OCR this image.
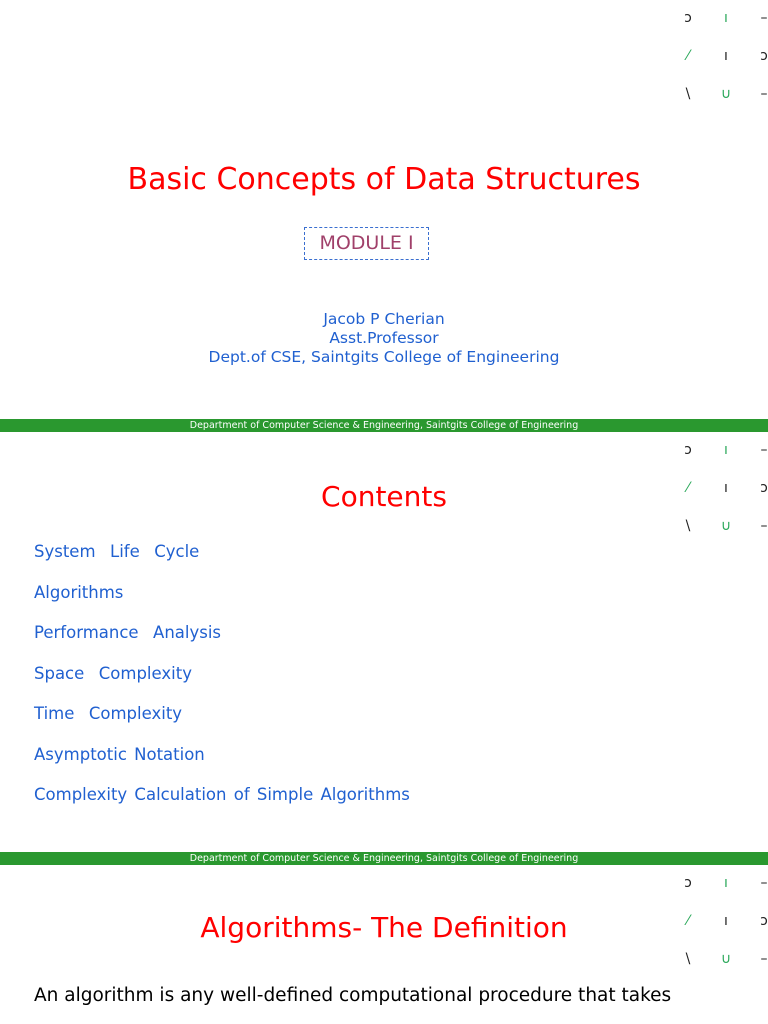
ɔ	ı	–
⁄	ı	ɔ
\	∪	–
Basic Concepts of Data Structures
MODULE I
Jacob P Cherian
Asst.Professor
Dept.of CSE, Saintgits College of Engineering
Department of Computer Science & Engineering, Saintgits College of Engineering
ɔ	ı	–
⁄	ı	ɔ
\	∪	–
Contents
System  Life  Cycle
Algorithms
Performance  Analysis
Space  Complexity
Time  Complexity
Asymptotic Notation
Complexity Calculation of Simple Algorithms
Department of Computer Science & Engineering, Saintgits College of Engineering
ɔ	ı	–
⁄	ı	ɔ
\	∪	–
Algorithms- The Definition

An algorithm is any well-defined computational procedure that takes
